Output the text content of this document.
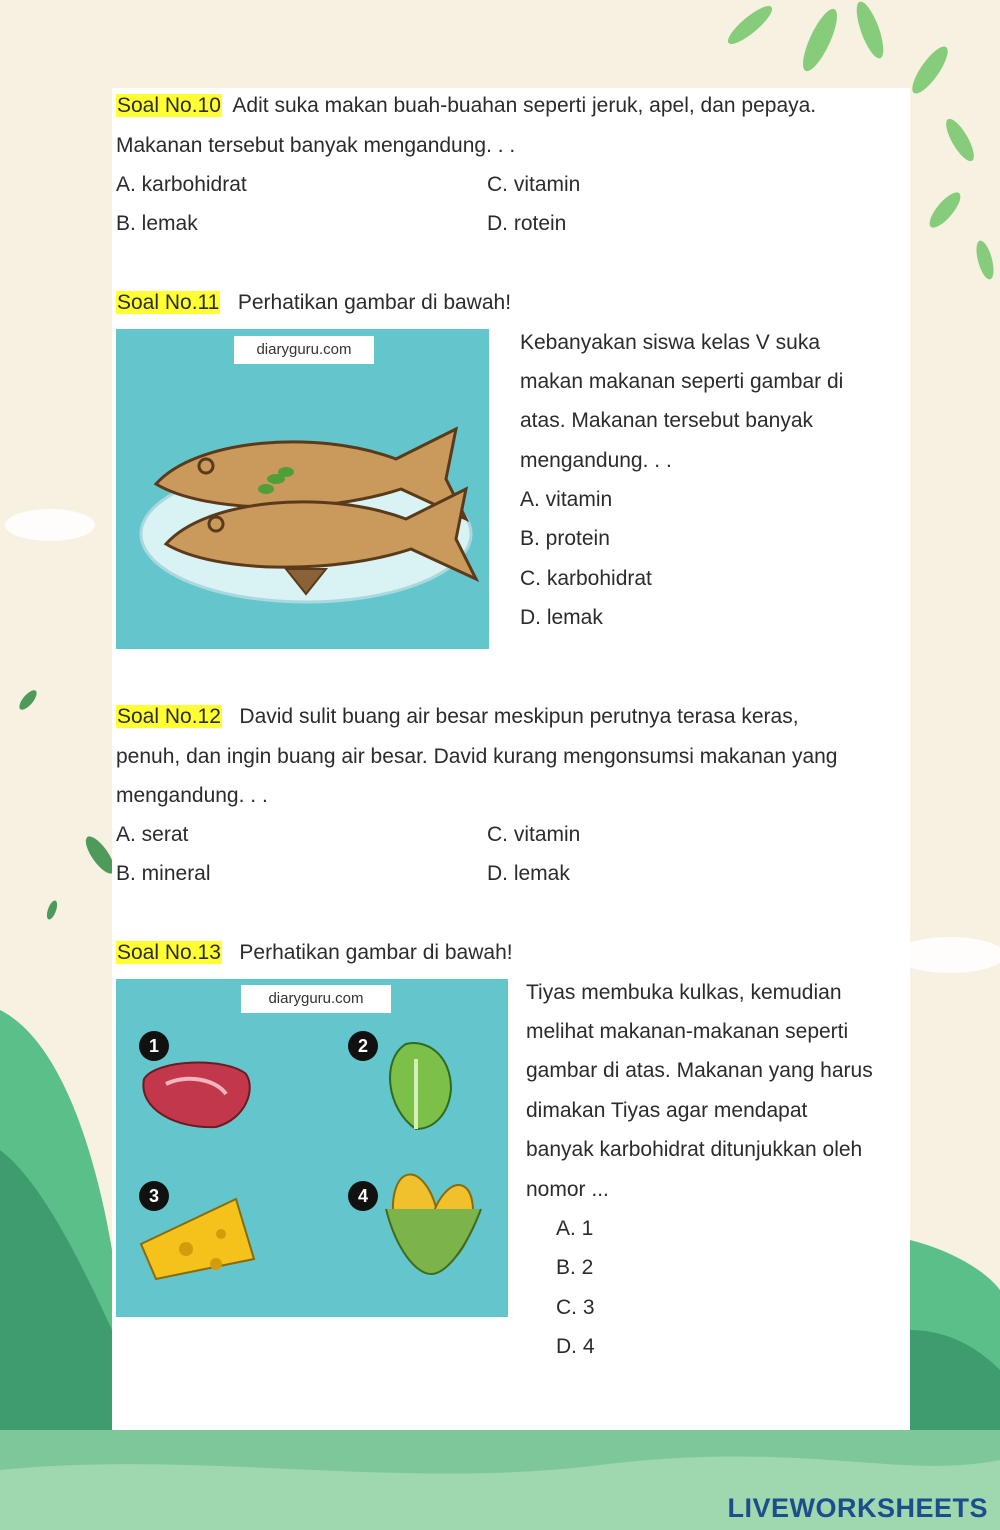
Soal No.10 Adit suka makan buah-buahan seperti jeruk, apel, dan pepaya.
Makanan tersebut banyak mengandung. . .
A. karbohidrat
B. lemak
C. vitamin
D. rotein
Soal No.11 Perhatikan gambar di bawah!
diaryguru.com	Kebanyakan siswa kelas V suka
makan makanan seperti gambar di
atas. Makanan tersebut banyak
mengandung. . .
A. vitamin
B. protein
C. karbohidrat
D. lemak
Soal No.12 David sulit buang air besar meskipun perutnya terasa keras,
penuh, dan ingin buang air besar. David kurang mengonsumsi makanan yang
mengandung. . .
A. serat
B. mineral
C. vitamin
D. lemak
Soal No.13 Perhatikan gambar di bawah!
diaryguru.com
1	2
3	4
Tiyas membuka kulkas, kemudian
melihat makanan-makanan seperti
gambar di atas. Makanan yang harus
dimakan Tiyas agar mendapat
banyak karbohidrat ditunjukkan oleh
nomor ...
A. 1
B. 2
C. 3
D. 4
LIVEWORKSHEETS
